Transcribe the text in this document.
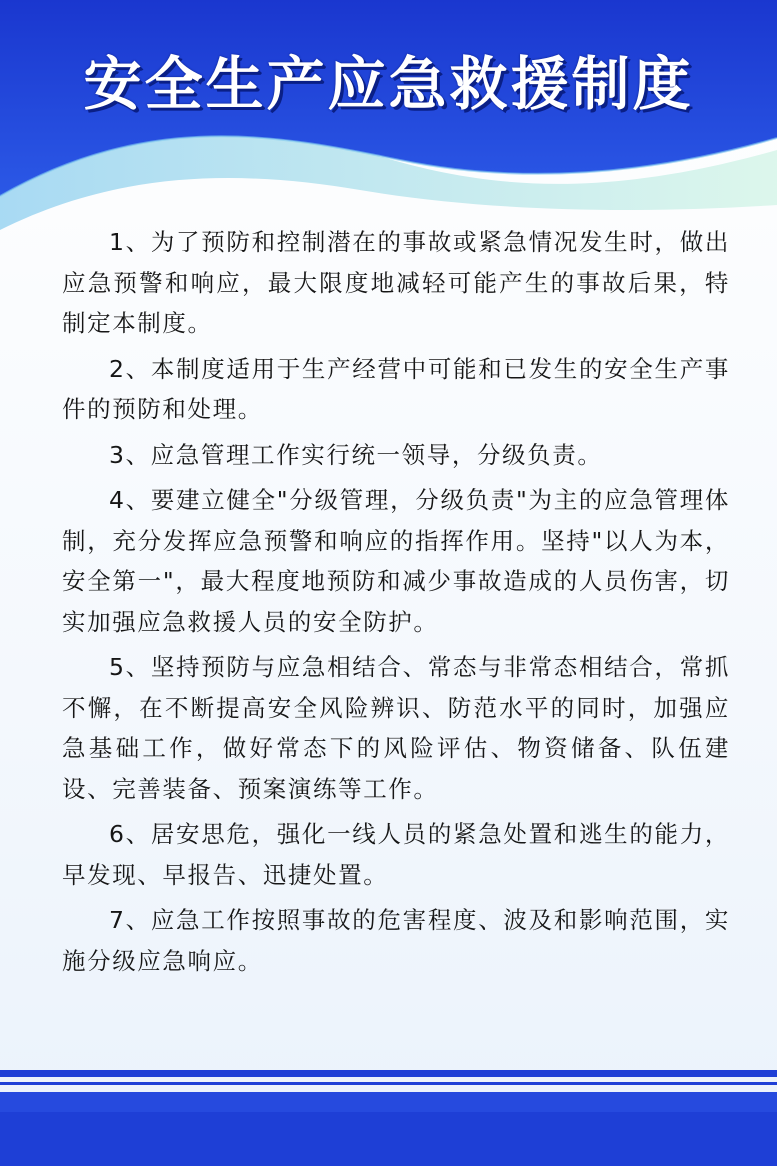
安全生产应急救援制度

1、为了预防和控制潜在的事故或紧急情况发生时，做出应急预警和响应，最大限度地减轻可能产生的事故后果，特制定本制度。

2、本制度适用于生产经营中可能和已发生的安全生产事件的预防和处理。

3、应急管理工作实行统一领导，分级负责。

4、要建立健全"分级管理，分级负责"为主的应急管理体制，充分发挥应急预警和响应的指挥作用。坚持"以人为本，安全第一"，最大程度地预防和减少事故造成的人员伤害，切实加强应急救援人员的安全防护。

5、坚持预防与应急相结合、常态与非常态相结合，常抓不懈，在不断提高安全风险辨识、防范水平的同时，加强应急基础工作，做好常态下的风险评估、物资储备、队伍建设、完善装备、预案演练等工作。

6、居安思危，强化一线人员的紧急处置和逃生的能力，早发现、早报告、迅捷处置。

7、应急工作按照事故的危害程度、波及和影响范围，实施分级应急响应。
